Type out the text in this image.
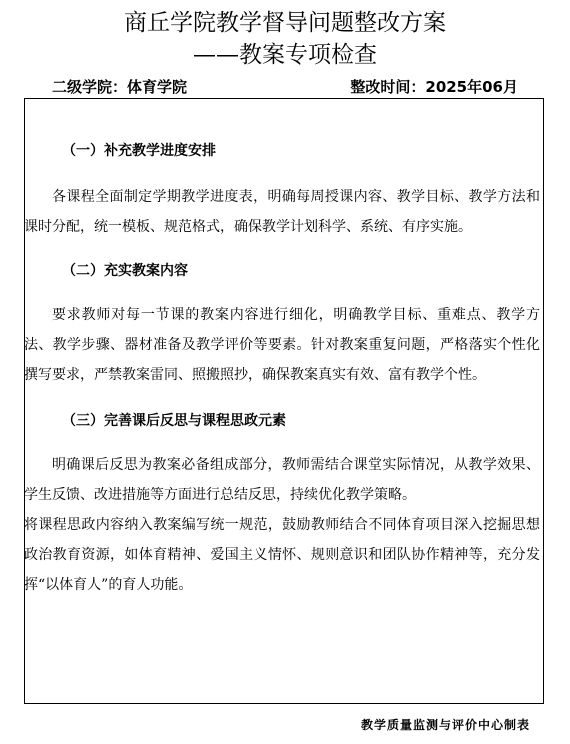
商丘学院教学督导问题整改方案
——教案专项检查
二级学院：体育学院	整改时间：2025年06月

（一）补充教学进度安排

各课程全面制定学期教学进度表，明确每周授课内容、教学目标、教学方法和课时分配，统一模板、规范格式，确保教学计划科学、系统、有序实施。

（二）充实教案内容

要求教师对每一节课的教案内容进行细化，明确教学目标、重难点、教学方法、教学步骤、器材准备及教学评价等要素。针对教案重复问题，严格落实个性化撰写要求，严禁教案雷同、照搬照抄，确保教案真实有效、富有教学个性。

（三）完善课后反思与课程思政元素

明确课后反思为教案必备组成部分，教师需结合课堂实际情况，从教学效果、学生反馈、改进措施等方面进行总结反思，持续优化教学策略。

将课程思政内容纳入教案编写统一规范，鼓励教师结合不同体育项目深入挖掘思想政治教育资源，如体育精神、爱国主义情怀、规则意识和团队协作精神等，充分发挥“以体育人”的育人功能。

教学质量监测与评价中心制表
